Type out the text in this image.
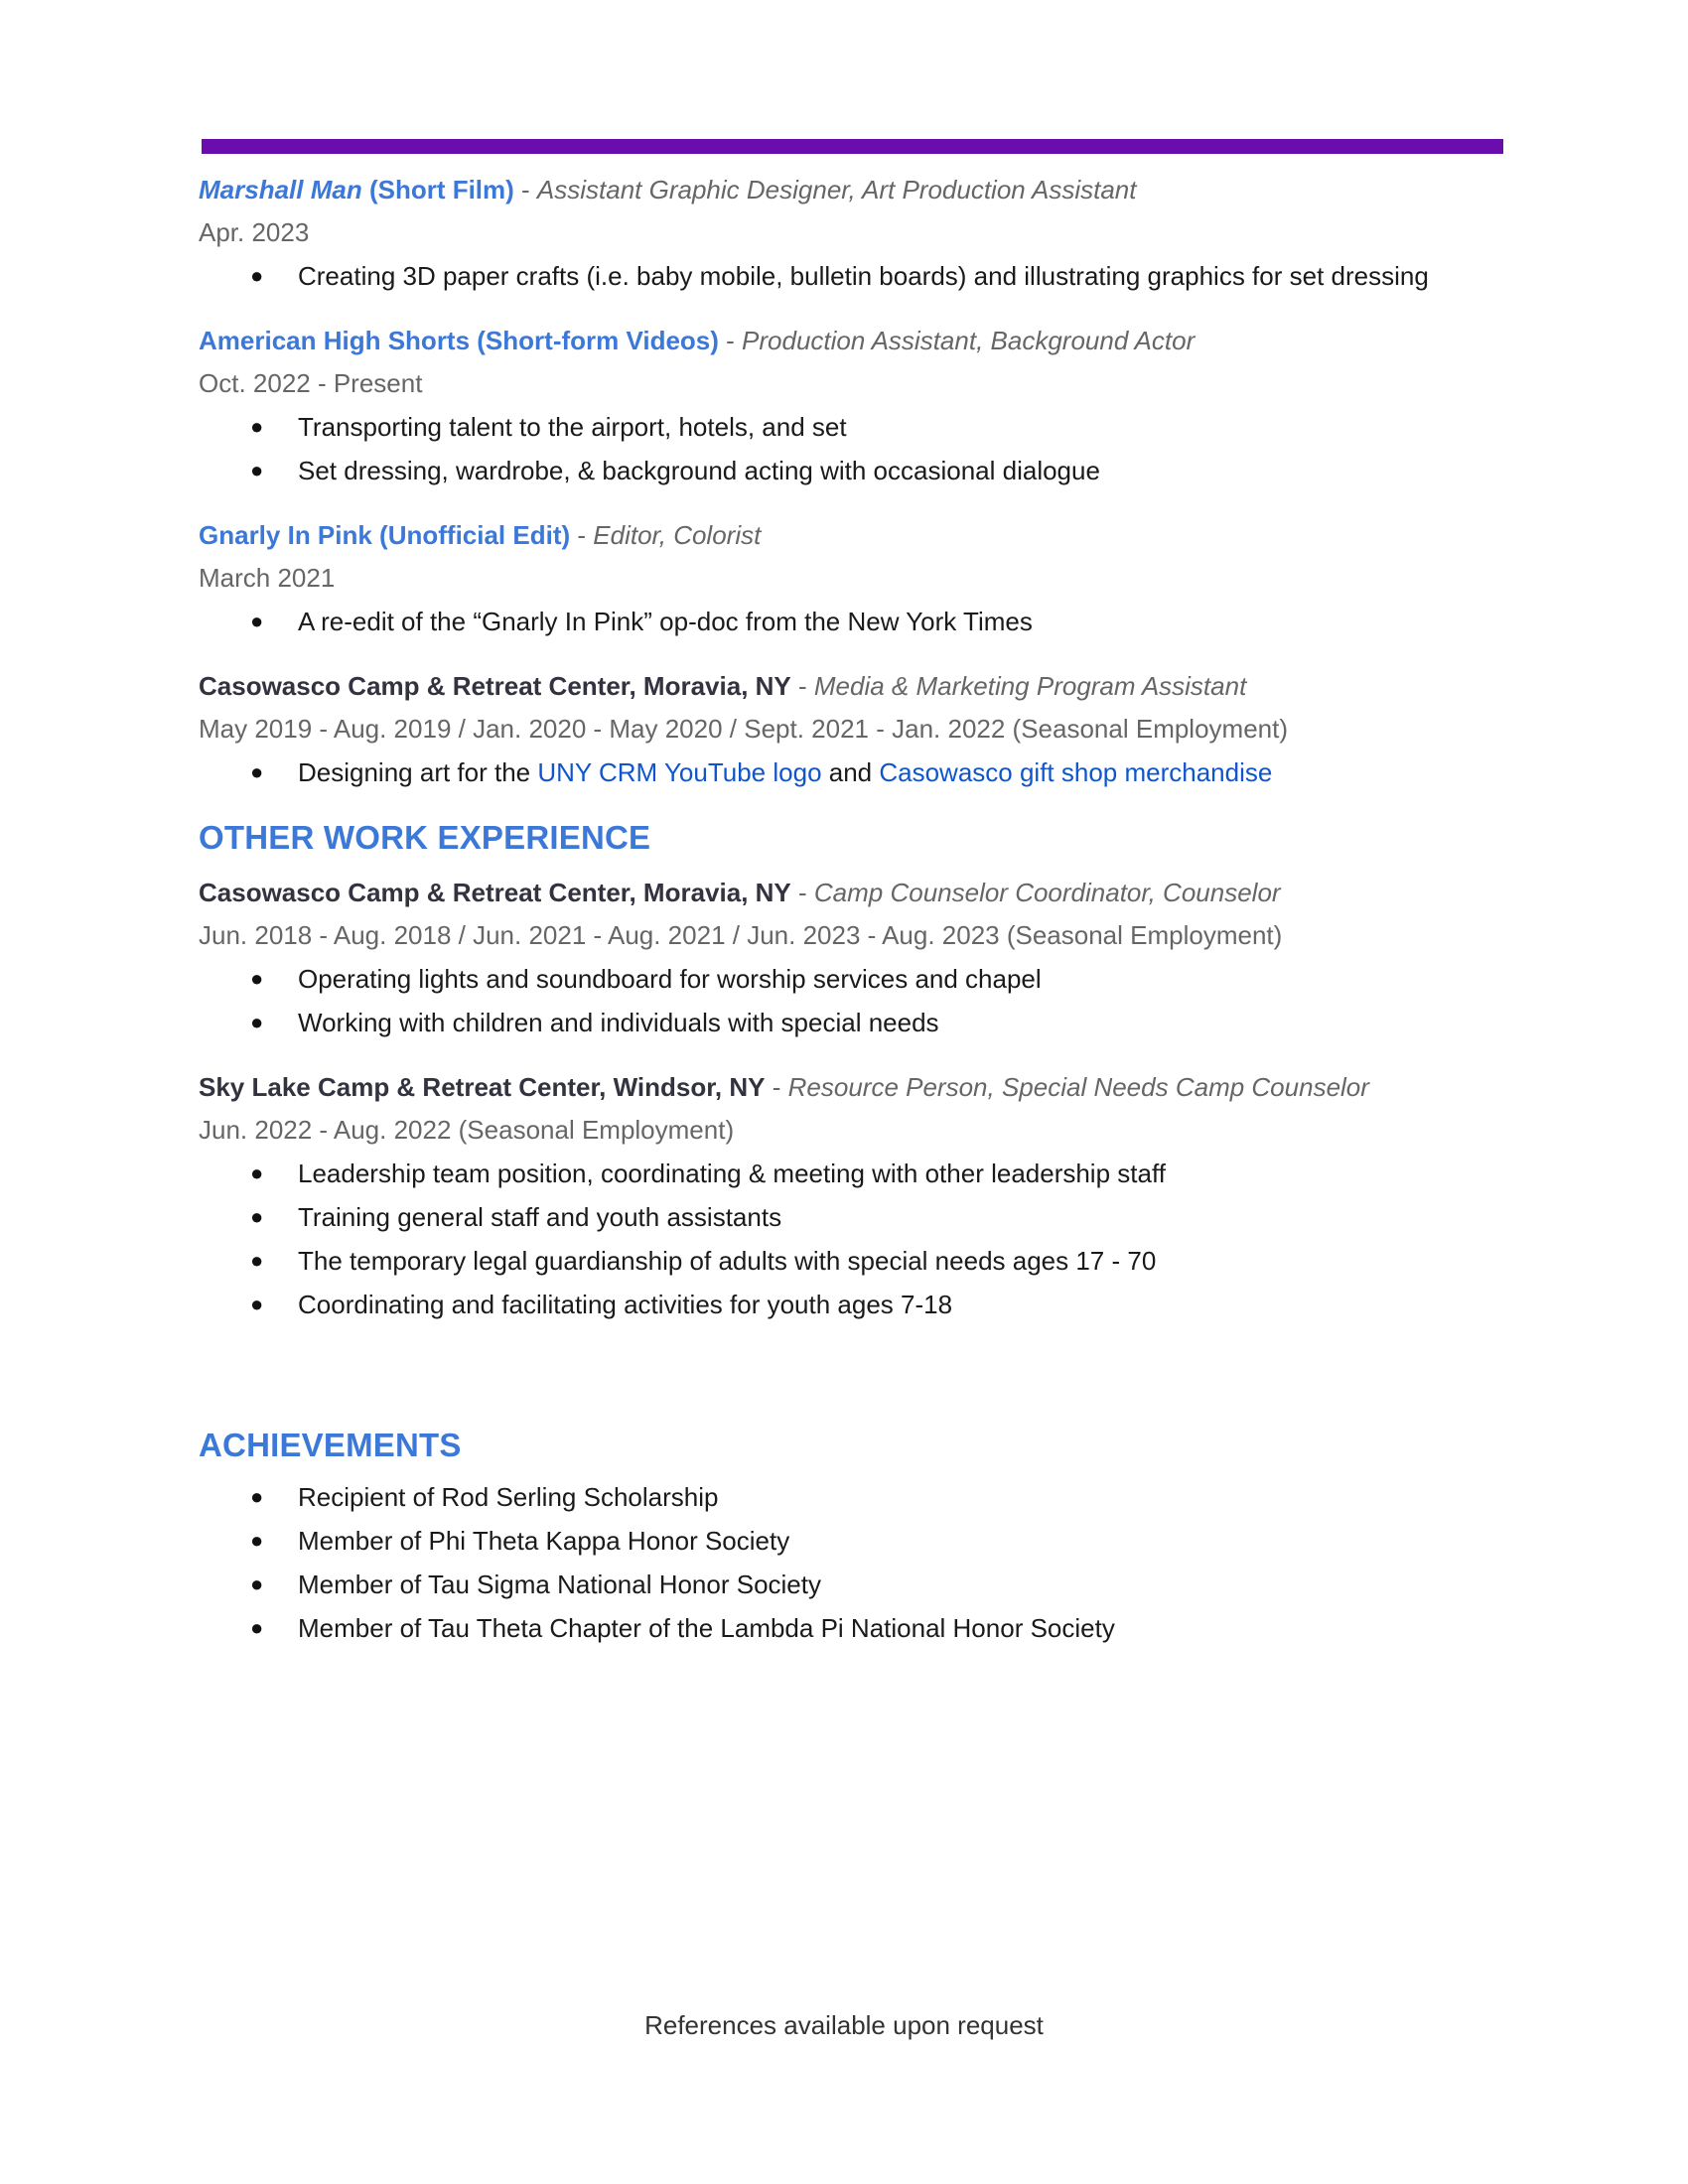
Marshall Man (Short Film) - Assistant Graphic Designer, Art Production Assistant
Apr. 2023
● Creating 3D paper crafts (i.e. baby mobile, bulletin boards) and illustrating graphics for set dressing
American High Shorts (Short-form Videos) - Production Assistant, Background Actor
Oct. 2022 - Present
● Transporting talent to the airport, hotels, and set
● Set dressing, wardrobe, & background acting with occasional dialogue
Gnarly In Pink (Unofficial Edit) - Editor, Colorist
March 2021
● A re-edit of the “Gnarly In Pink” op-doc from the New York Times
Casowasco Camp & Retreat Center, Moravia, NY - Media & Marketing Program Assistant
May 2019 - Aug. 2019 / Jan. 2020 - May 2020 / Sept. 2021 - Jan. 2022 (Seasonal Employment)
● Designing art for the UNY CRM YouTube logo and Casowasco gift shop merchandise
OTHER WORK EXPERIENCE
Casowasco Camp & Retreat Center, Moravia, NY - Camp Counselor Coordinator, Counselor
Jun. 2018 - Aug. 2018 / Jun. 2021 - Aug. 2021 / Jun. 2023 - Aug. 2023 (Seasonal Employment)
● Operating lights and soundboard for worship services and chapel
● Working with children and individuals with special needs
Sky Lake Camp & Retreat Center, Windsor, NY - Resource Person, Special Needs Camp Counselor
Jun. 2022 - Aug. 2022 (Seasonal Employment)
● Leadership team position, coordinating & meeting with other leadership staff
● Training general staff and youth assistants
● The temporary legal guardianship of adults with special needs ages 17 - 70
● Coordinating and facilitating activities for youth ages 7-18
ACHIEVEMENTS
● Recipient of Rod Serling Scholarship
● Member of Phi Theta Kappa Honor Society
● Member of Tau Sigma National Honor Society
● Member of Tau Theta Chapter of the Lambda Pi National Honor Society
References available upon request
